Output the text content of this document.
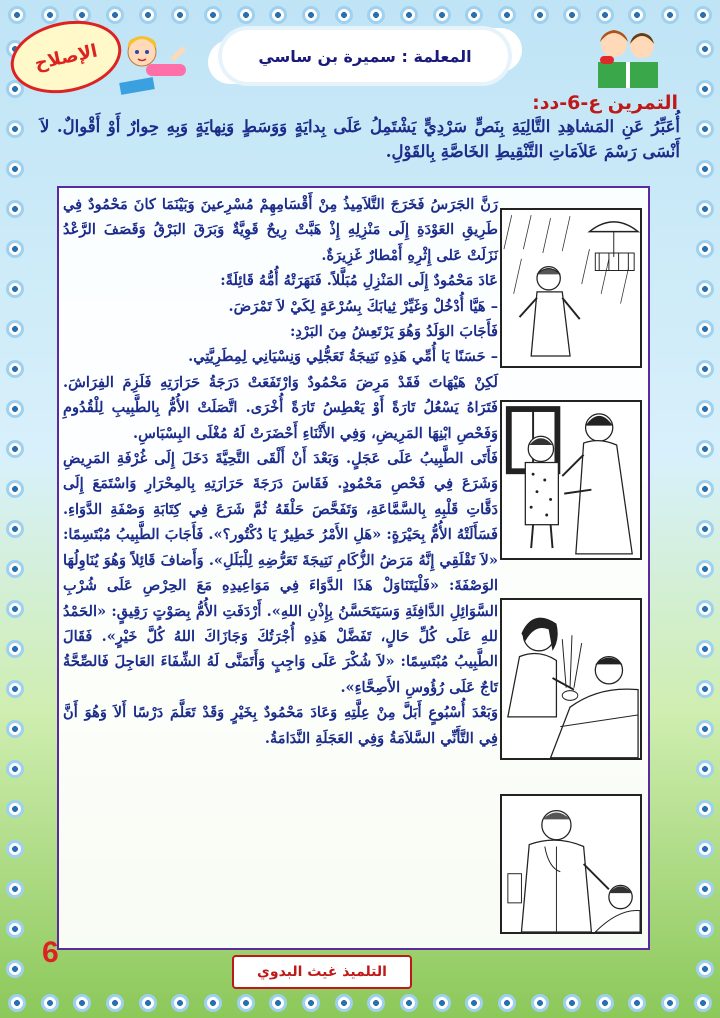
الإصلاح	المعلمة : سميرة بن ساسي
التمرين ع-6-دد:
أُعَبِّرُ عَنِ المَشاهِدِ التَّالِيَةِ بِنَصٍّ سَرْدِيٍّ يَشْتَمِلُ عَلَى بِدايَةٍ وَوَسَطٍ وَنِهايَةٍ وَبِهِ حِوارٌ أَوْ أَقْوالٌ. لاَ أَنْسَى رَسْمَ عَلاَمَاتِ التَّنْقِيطِ الخَاصَّةِ بِالقَوْلِ.

رَنَّ الجَرَسُ فَخَرَجَ التَّلاَمِيذُ مِنْ أَقْسَامِهِمْ مُسْرِعينَ وَبَيْنَمَا كانَ مَحْمُودٌ فِي طَرِيقِ العَوْدَةِ إِلَى مَنْزِلِهِ إِذْ هَبَّتْ رِيحٌ قَوِيَّةٌ وَبَرَقَ البَرْقُ وَقَصَفَ الرَّعْدُ نَزَلَتْ عَلى إِثْرِهِ أَمْطارٌ غَزِيرَةٌ.

عَادَ مَحْمُودٌ إِلَى المَنْزِلِ مُبَلَّلاً. فَنَهَرَتْهُ أُمُّهُ قَائِلَةً:

– هَيَّا أُدْخُلْ وَغَيِّرْ ثِيابَكَ بِسُرْعَةٍ لِكَيْ لاَ تَمْرَضَ.

فَأَجَابَ الوَلَدُ وَهُوَ يَرْتَعِشُ مِنَ البَرْدِ:

– حَسَنًا يَا أُمِّي هَذِهِ نَتِيجَةُ تَعَجُّلِي وَنِسْيَانِي لِمِطَرِيَّتِي.

لَكِنْ هَيْهَاتَ فَقَدْ مَرِضَ مَحْمُودٌ وَارْتَفَعَتْ دَرَجَةُ حَرَارَتِهِ فَلَزِمَ الفِرَاشَ. فَتَرَاهُ يَسْعُلُ تَارَةً أَوْ يَعْطِسُ تَارَةً أُخْرَى. اتَّصَلَتْ الأُمُّ بِالطَّبِيبِ لِلْقُدُومِ وَفَحْصِ ابْنِهَا المَرِيضِ، وَفِي الأَثْنَاءِ أَحْضَرَتْ لَهُ مُغْلَى البِسْبَاسِ.

فَأَتَى الطَّبِيبُ عَلَى عَجَلٍ. وَبَعْدَ أَنْ أَلْقَى التَّحِيَّةَ دَخَلَ إِلَى غُرْفَةِ المَرِيضِ وَشَرَعَ فِي فَحْصِ مَحْمُودٍ. فَقَاسَ دَرَجَةَ حَرَارَتِهِ بِالمِحْرَارِ وَاسْتَمَعَ إِلَى دَقَّاتِ قَلْبِهِ بِالسَّمَّاعَةِ، وَتَفَحَّصَ حَلْقَهُ ثُمَّ شَرَعَ فِي كِتَابَةِ وَصْفَةِ الدَّوَاءِ. فَسَأَلَتْهُ الأُمُّ بِحَيْرَةٍ: «هَلِ الأَمْرُ خَطِيرٌ يَا دُكْتُور؟». فَأَجَابَ الطَّبِيبُ مُبْتَسِمًا: «لاَ تَقْلَقِي إِنَّهُ مَرَضُ الزُّكَامِ نَتِيجَةَ تَعَرُّضِهِ لِلْبَلَلِ». وَأَضافَ قَائِلاً وَهُوَ يُنَاوِلُهَا الوَصْفَةَ: «فَلْيَتَنَاوَلْ هَذَا الدَّوَاءَ فِي مَوَاعِيدِهِ مَعَ الحِرْصِ عَلَى شُرْبِ السَّوَائِلِ الدَّافِئَةِ وَسَيَتَحَسَّنُ بِإِذْنِ اللهِ». أَرْدَفَتِ الأُمُّ بِصَوْتٍ رَقِيقٍ: «الحَمْدُ للهِ عَلَى كُلِّ حَالٍ، تَفَضَّلْ هَذِهِ أُجْرَتُكَ وَجَازَاكَ اللهُ كُلَّ خَيْرٍ». فَقَالَ الطَّبِيبُ مُبْتَسِمًا: «لاَ شُكْرَ عَلَى وَاجِبٍ وَأَتَمَنَّى لَهُ الشِّفَاءَ العَاجِلَ فَالصِّحَّةُ تَاجٌ عَلَى رُؤُوسِ الأَصِحَّاءِ».

وَبَعْدَ أُسْبُوعٍ أَبَلَّ مِنْ عِلَّتِهِ وَعَادَ مَحْمُودٌ بِخَيْرٍ وَقَدْ تَعَلَّمَ دَرْسًا أَلاَ وَهُوَ أَنَّ فِي التَّأَنِّي السَّلاَمَةُ وَفِي العَجَلَةِ النَّدَامَةُ.

6
التلميذ غيث البدوي
